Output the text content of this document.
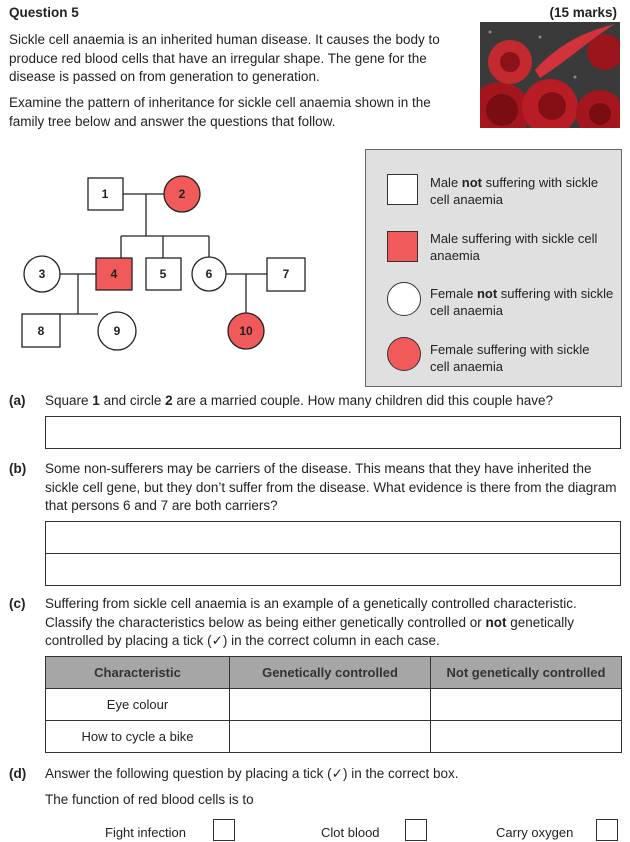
Question 5	(15 marks)
Sickle cell anaemia is an inherited human disease. It causes the body to produce red blood cells that have an irregular shape. The gene for the disease is passed on from generation to generation.
Examine the pattern of inheritance for sickle cell anaemia shown in the family tree below and answer the questions that follow.
1	2
3	4	5	6	7
8	9	10
Male not suffering with sickle cell anaemia
Male suffering with sickle cell anaemia
Female not suffering with sickle cell anaemia
Female suffering with sickle cell anaemia
(a) Square 1 and circle 2 are a married couple. How many children did this couple have?
(b) Some non-sufferers may be carriers of the disease. This means that they have inherited the sickle cell gene, but they don’t suffer from the disease. What evidence is there from the diagram that persons 6 and 7 are both carriers?
(c) Suffering from sickle cell anaemia is an example of a genetically controlled characteristic. Classify the characteristics below as being either genetically controlled or not genetically controlled by placing a tick (✓) in the correct column in each case.
Characteristic	Genetically controlled	Not genetically controlled
Eye colour		
How to cycle a bike		
(d) Answer the following question by placing a tick (✓) in the correct box.
The function of red blood cells is to
Fight infection	Clot blood	Carry oxygen
